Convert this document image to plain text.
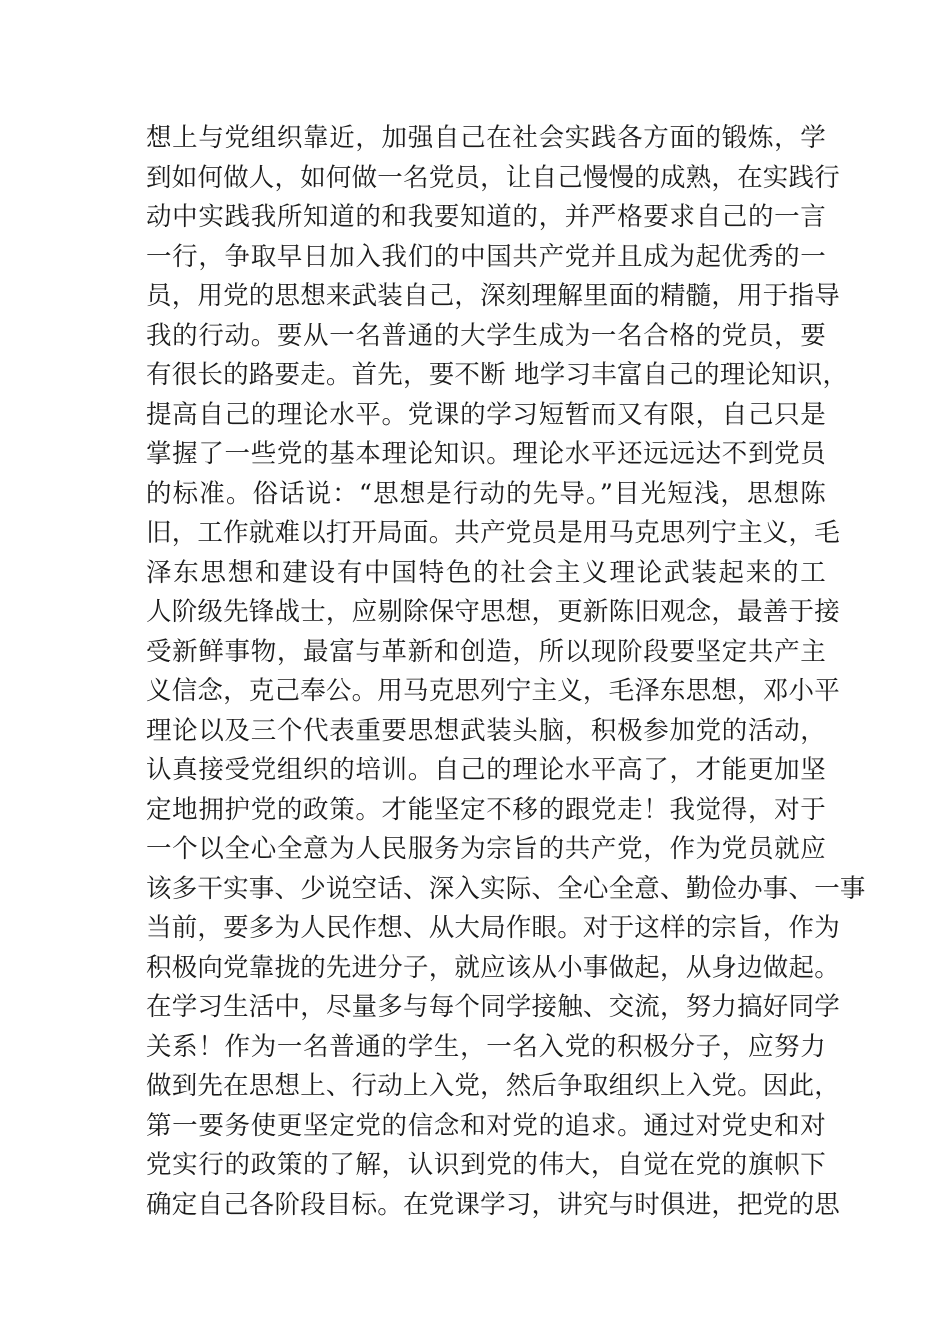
想上与党组织靠近，加强自己在社会实践各方面的锻炼，学
到如何做人，如何做一名党员，让自己慢慢的成熟，在实践行
动中实践我所知道的和我要知道的，并严格要求自己的一言
一行，争取早日加入我们的中国共产党并且成为起优秀的一
员，用党的思想来武装自己，深刻理解里面的精髓，用于指导
我的行动。要从一名普通的大学生成为一名合格的党员，要
有很长的路要走。首先，要不断 地学习丰富自己的理论知识，
提高自己的理论水平。党课的学习短暂而又有限，自己只是
掌握了一些党的基本理论知识。理论水平还远远达不到党员
的标准。俗话说：“思想是行动的先导。”目光短浅，思想陈
旧，工作就难以打开局面。共产党员是用马克思列宁主义，毛
泽东思想和建设有中国特色的社会主义理论武装起来的工
人阶级先锋战士，应剔除保守思想，更新陈旧观念，最善于接
受新鲜事物，最富与革新和创造，所以现阶段要坚定共产主
义信念，克己奉公。用马克思列宁主义，毛泽东思想，邓小平
理论以及三个代表重要思想武装头脑，积极参加党的活动，
认真接受党组织的培训。自己的理论水平高了，才能更加坚
定地拥护党的政策。才能坚定不移的跟党走！我觉得，对于
一个以全心全意为人民服务为宗旨的共产党，作为党员就应
该多干实事、少说空话、深入实际、全心全意、勤俭办事、一事
当前，要多为人民作想、从大局作眼。对于这样的宗旨，作为
积极向党靠拢的先进分子，就应该从小事做起，从身边做起。
在学习生活中，尽量多与每个同学接触、交流，努力搞好同学
关系！作为一名普通的学生，一名入党的积极分子，应努力
做到先在思想上、行动上入党，然后争取组织上入党。因此，
第一要务使更坚定党的信念和对党的追求。通过对党史和对
党实行的政策的了解，认识到党的伟大，自觉在党的旗帜下
确定自己各阶段目标。在党课学习，讲究与时俱进，把党的思
